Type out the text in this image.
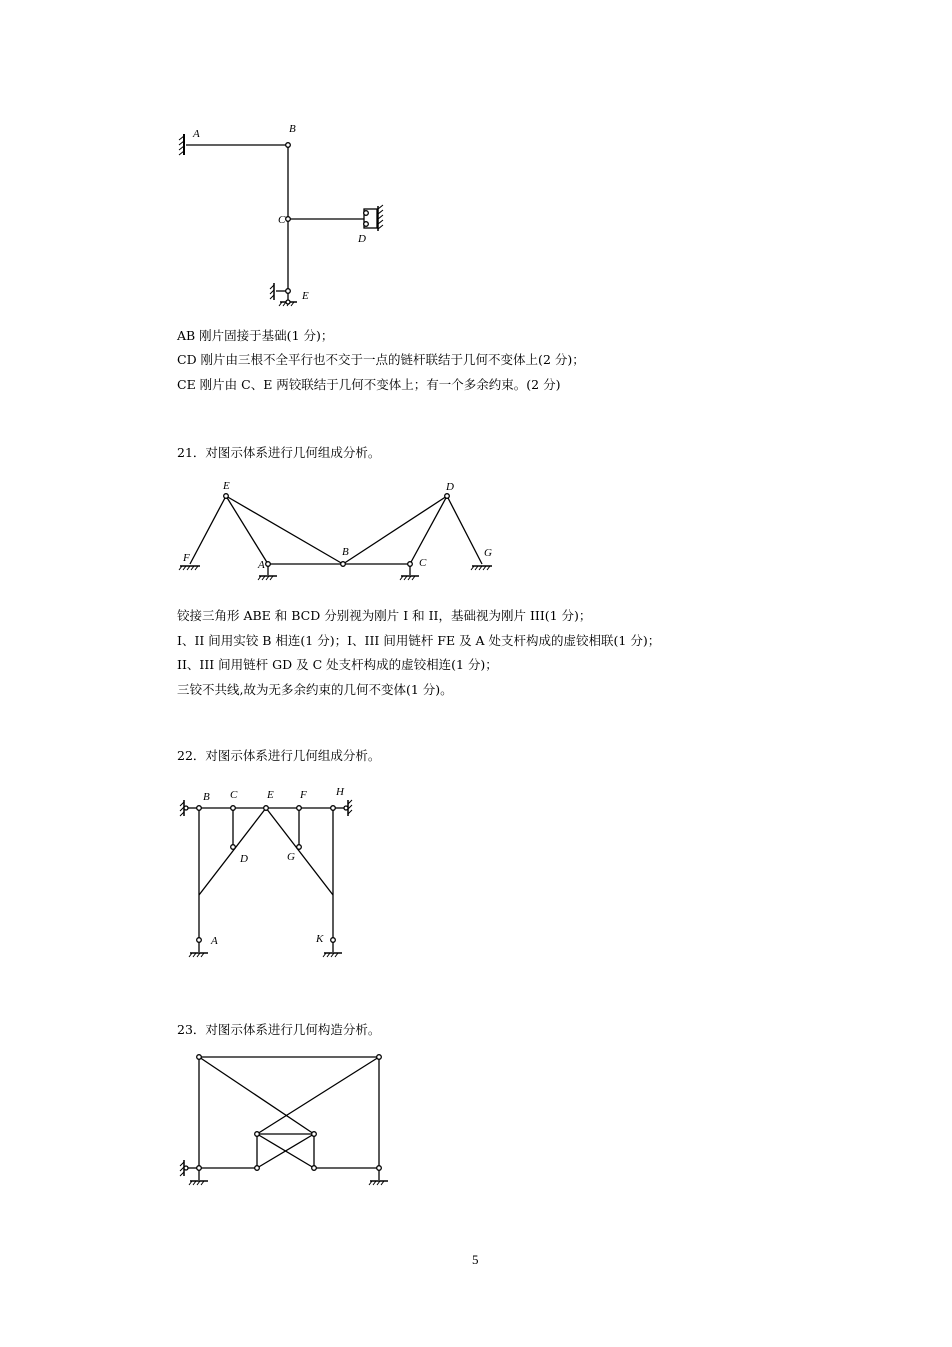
A	B
C
D
E
E	D
F	B	G
A	C
B C	E F	H
D	G
A	K
AB 刚片固接于基础(1 分)；
CD 刚片由三根不全平行也不交于一点的链杆联结于几何不变体上(2 分)；
CE 刚片由 C、E 两铰联结于几何不变体上；有一个多余约束。(2 分)
21．对图示体系进行几何组成分析。
铰接三角形 ABE 和 BCD 分别视为刚片 I 和 II，基础视为刚片 III(1 分)；
I、II 间用实铰 B 相连(1 分)；I、III 间用链杆 FE 及 A 处支杆构成的虚铰相联(1 分)；
II、III 间用链杆 GD 及 C 处支杆构成的虚铰相连(1 分)；
三铰不共线,故为无多余约束的几何不变体(1 分)。
22．对图示体系进行几何组成分析。
23．对图示体系进行几何构造分析。
5
